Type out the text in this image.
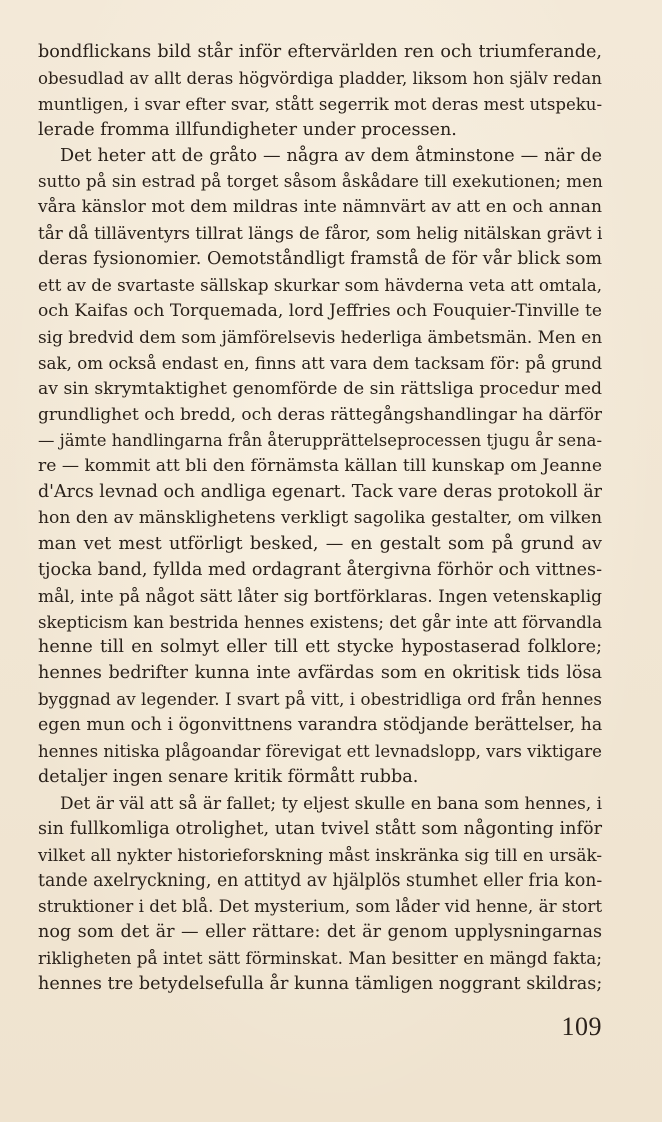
bondflickans bild står inför eftervärlden ren och triumferande,
obesudlad av allt deras högvördiga pladder, liksom hon själv redan
muntligen, i svar efter svar, stått segerrik mot deras mest utspeku-
lerade fromma illfundigheter under processen.
Det heter att de gråto — några av dem åtminstone — när de
sutto på sin estrad på torget såsom åskådare till exekutionen; men
våra känslor mot dem mildras inte nämnvärt av att en och annan
tår då tilläventyrs tillrat längs de fåror, som helig nitälskan grävt i
deras fysionomier. Oemotståndligt framstå de för vår blick som
ett av de svartaste sällskap skurkar som hävderna veta att omtala,
och Kaifas och Torquemada, lord Jeffries och Fouquier-Tinville te
sig bredvid dem som jämförelsevis hederliga ämbetsmän. Men en
sak, om också endast en, finns att vara dem tacksam för: på grund
av sin skrymtaktighet genomförde de sin rättsliga procedur med
grundlighet och bredd, och deras rättegångshandlingar ha därför
— jämte handlingarna från återupprättelseprocessen tjugu år sena-
re — kommit att bli den förnämsta källan till kunskap om Jeanne
d'Arcs levnad och andliga egenart. Tack vare deras protokoll är
hon den av mänsklighetens verkligt sagolika gestalter, om vilken
man vet mest utförligt besked, — en gestalt som på grund av
tjocka band, fyllda med ordagrant återgivna förhör och vittnes-
mål, inte på något sätt låter sig bortförklaras. Ingen vetenskaplig
skepticism kan bestrida hennes existens; det går inte att förvandla
henne till en solmyt eller till ett stycke hypostaserad folklore;
hennes bedrifter kunna inte avfärdas som en okritisk tids lösa
byggnad av legender. I svart på vitt, i obestridliga ord från hennes
egen mun och i ögonvittnens varandra stödjande berättelser, ha
hennes nitiska plågoandar förevigat ett levnadslopp, vars viktigare
detaljer ingen senare kritik förmått rubba.
Det är väl att så är fallet; ty eljest skulle en bana som hennes, i
sin fullkomliga otrolighet, utan tvivel stått som någonting inför
vilket all nykter historieforskning måst inskränka sig till en ursäk-
tande axelryckning, en attityd av hjälplös stumhet eller fria kon-
struktioner i det blå. Det mysterium, som låder vid henne, är stort
nog som det är — eller rättare: det är genom upplysningarnas
rikligheten på intet sätt förminskat. Man besitter en mängd fakta;
hennes tre betydelsefulla år kunna tämligen noggrant skildras;
109
